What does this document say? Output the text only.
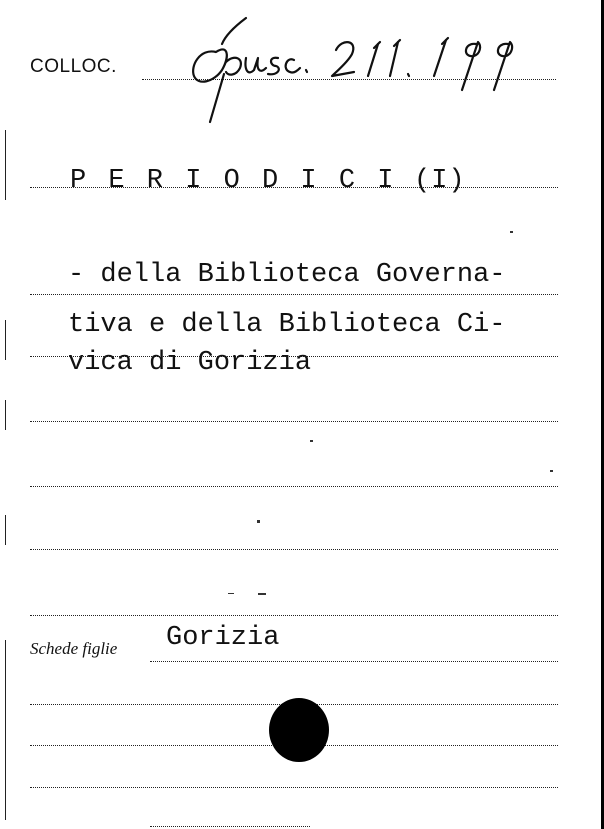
COLLOC.
P E R I O D I C I (I)
- della Biblioteca Governa-
tiva e della Biblioteca Ci-
vica di Gorizia
Schede figlie Gorizia
